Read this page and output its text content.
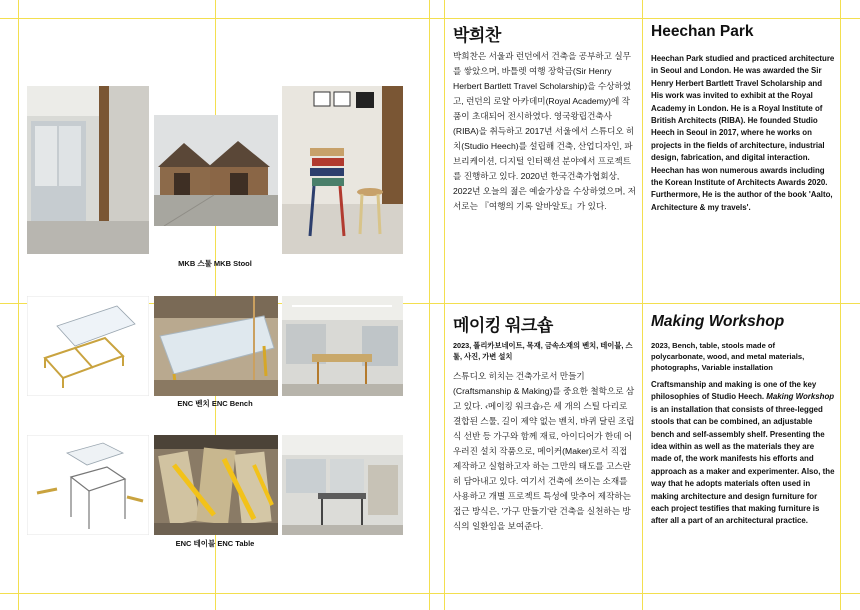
MKB 스툴 MKB Stool
ENC 벤치 ENC Bench
ENC 테이블 ENC Table
박희찬

박희찬은 서울과 런던에서 건축을 공부하고 실무를 쌓았으며, 바틀렛 여행 장학금(Sir Henry Herbert Bartlett Travel Scholarship)을 수상하였고, 런던의 로얄 아카데미(Royal Academy)에 작품이 초대되어 전시하였다. 영국왕립건축사(RIBA)을 취득하고 2017년 서울에서 스튜디오 히치(Studio Heech)를 설립해 건축, 산업디자인, 파브리케이션, 디지털 인터랙션 분야에서 프로젝트를 진행하고 있다. 2020년 한국건축가협회상, 2022년 오늘의 젊은 예술가상을 수상하였으며, 저서로는 『여행의 기록 알바알토』가 있다.

Heechan Park

Heechan Park studied and practiced architecture in Seoul and London. He was awarded the Sir Henry Herbert Bartlett Travel Scholarship and His work was invited to exhibit at the Royal Academy in London. He is a Royal Institute of British Architects (RIBA). He founded Studio Heech in Seoul in 2017, where he works on projects in the fields of architecture, industrial design, fabrication, and digital interaction. Heechan has won numerous awards including the Korean Institute of Architects Awards 2020. Furthermore, He is the author of the book 'Aalto, Architecture & my travels'.

메이킹 워크숍

2023, 폴리카보네이트, 목재, 금속소재의 벤치, 테이블, 스툴, 사진, 가변 설치

스튜디오 히치는 건축가로서 만들기(Craftsmanship & Making)를 중요한 철학으로 삼고 있다. ‹메이킹 워크숍›은 세 개의 스틸 다리로 결합된 스툴, 길이 제약 없는 벤치, 바퀴 달린 조립식 선반 등 가구와 함께 재료, 아이디어가 한데 어우러진 설치 작품으로, 메이커(Maker)로서 직접 제작하고 실험하고자 하는 그만의 태도를 고스란히 담아내고 있다. 여기서 건축에 쓰이는 소재를 사용하고 개별 프로젝트 특성에 맞추어 제작하는 접근 방식은, '가구 만들기'란 건축을 실천하는 방식의 일환임을 보여준다.

Making Workshop

2023, Bench, table, stools made of polycarbonate, wood, and metal materials, photographs, Variable installation

Craftsmanship and making is one of the key philosophies of Studio Heech. Making Workshop is an installation that consists of three-legged stools that can be combined, an adjustable bench and self-assembly shelf. Presenting the idea within as well as the materials they are made of, the work manifests his efforts and approach as a maker and experimenter. Also, the way that he adopts materials often used in making architecture and design furniture for each project testifies that making furniture is after all a part of an architectural practice.
